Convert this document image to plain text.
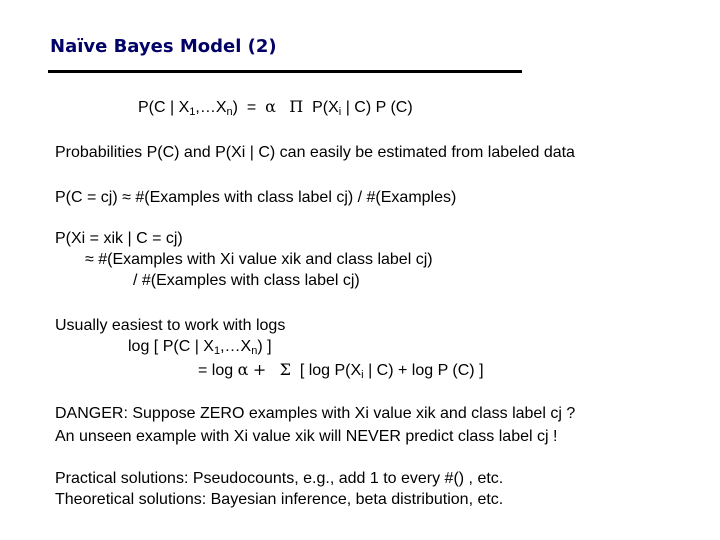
Naïve Bayes Model (2)
P(C | $X_1,\dots X_n) = \alpha$ Π $P(X_i$ | C) P (C)
Probabilities P(C) and P(Xi | C) can easily be estimated from labeled data
P(C = cj) ≈ #(Examples with class label cj) / #(Examples)
P(Xi = xik | C = cj)
≈ #(Examples with Xi value xik and class label cj)
/ #(Examples with class label cj)
Usually easiest to work with logs
log [ P(C | $X_1,\dots X_n$) ]
= log α + Σ [ $\log P(X_i$ | C) + log P (C) ]
DANGER: Suppose ZERO examples with Xi value xik and class label cj ?
An unseen example with Xi value xik will NEVER predict class label cj !
Practical solutions: Pseudocounts, e.g., add 1 to every #() , etc.
Theoretical solutions: Bayesian inference, beta distribution, etc.
